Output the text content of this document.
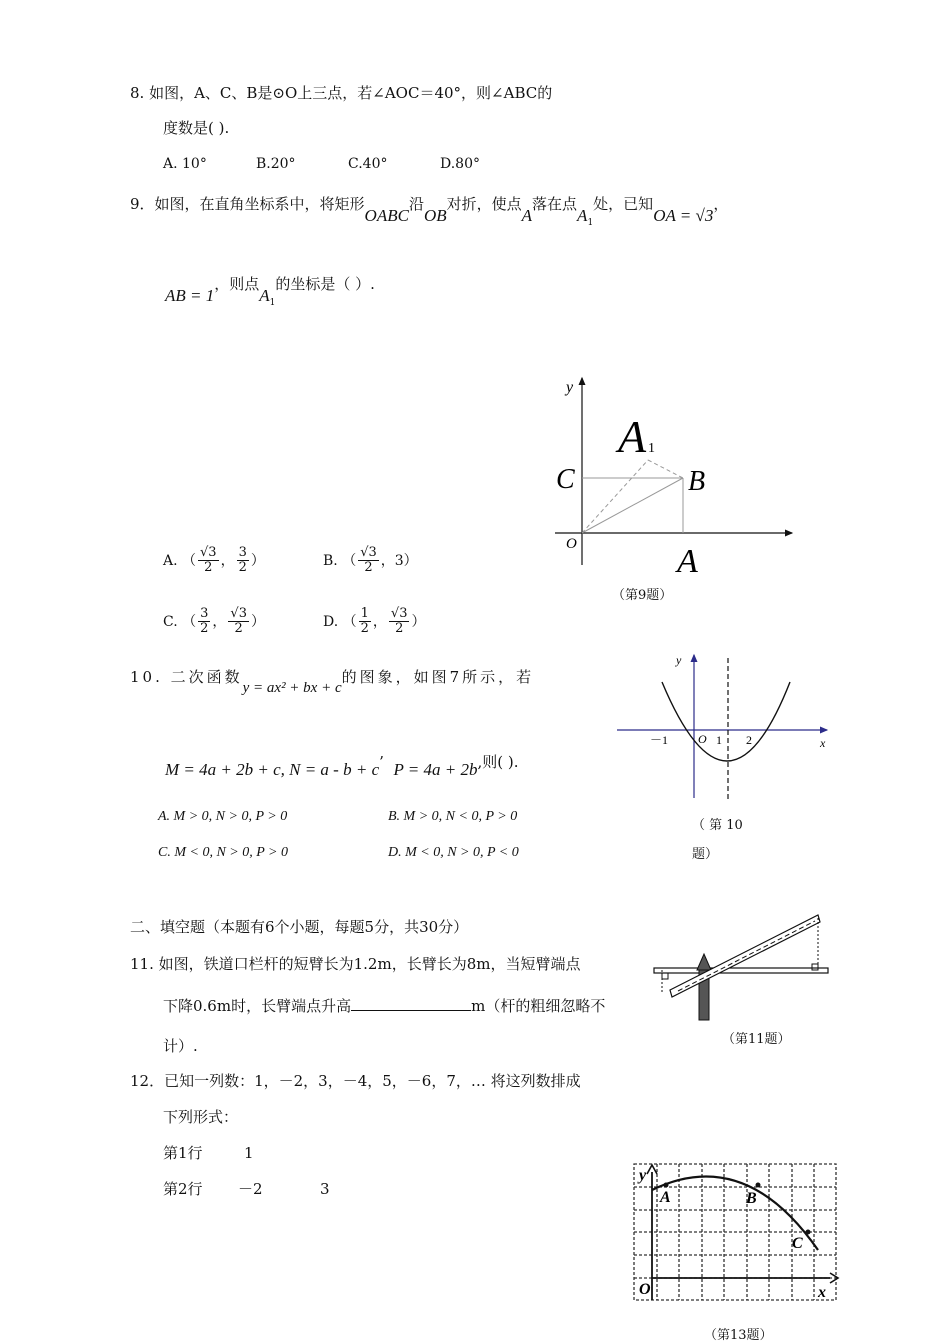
8. 如图，A、C、B是⊙O上三点，若∠AOC＝40°，则∠ABC的
度数是( ).
A. 10°	B.20°	C.40°	D.80°
9．如图，在直角坐标系中，将矩形OABC沿OB对折，使点A落在点$A_1$处，已知OA = √3，
AB = 1，则点$A_1$的坐标是（ ）.
A. （ $\frac{√3}{2}$ ， $\frac{3}{2}$ ）	B. （ $\frac{√3}{2}$ ，3）
C. （ $\frac{3}{2}$ ， $\frac{√3}{2}$ ）	D. （ $\frac{1}{2}$ ， $\frac{√3}{2}$ ）
y
A 1
C	B
O	A
（第9题）
10. 二次函数y = ax² + bx + c的图象，如图7所示，若
M = 4a + 2b + c, N = a - b + c’  P = 4a + 2b,则( ).
A. M > 0, N > 0, P > 0	B. M > 0, N < 0, P > 0
C. M < 0, N > 0, P > 0	D. M < 0, N > 0, P < 0
y
x
－1 O 1 2
（ 第 10
题）
二、填空题（本题有6个小题，每题5分，共30分）
11. 如图，铁道口栏杆的短臂长为1.2m，长臂长为8m，当短臂端点
下降0.6m时，长臂端点升高	m（杆的粗细忽略不
计）.	（第11题）
12．已知一列数：1，－2，3，－4，5，－6，7，… 将这列数排成
下列形式：
第1行	1
第2行 －2	3
y
A	B
C
O	x
（第13题）
